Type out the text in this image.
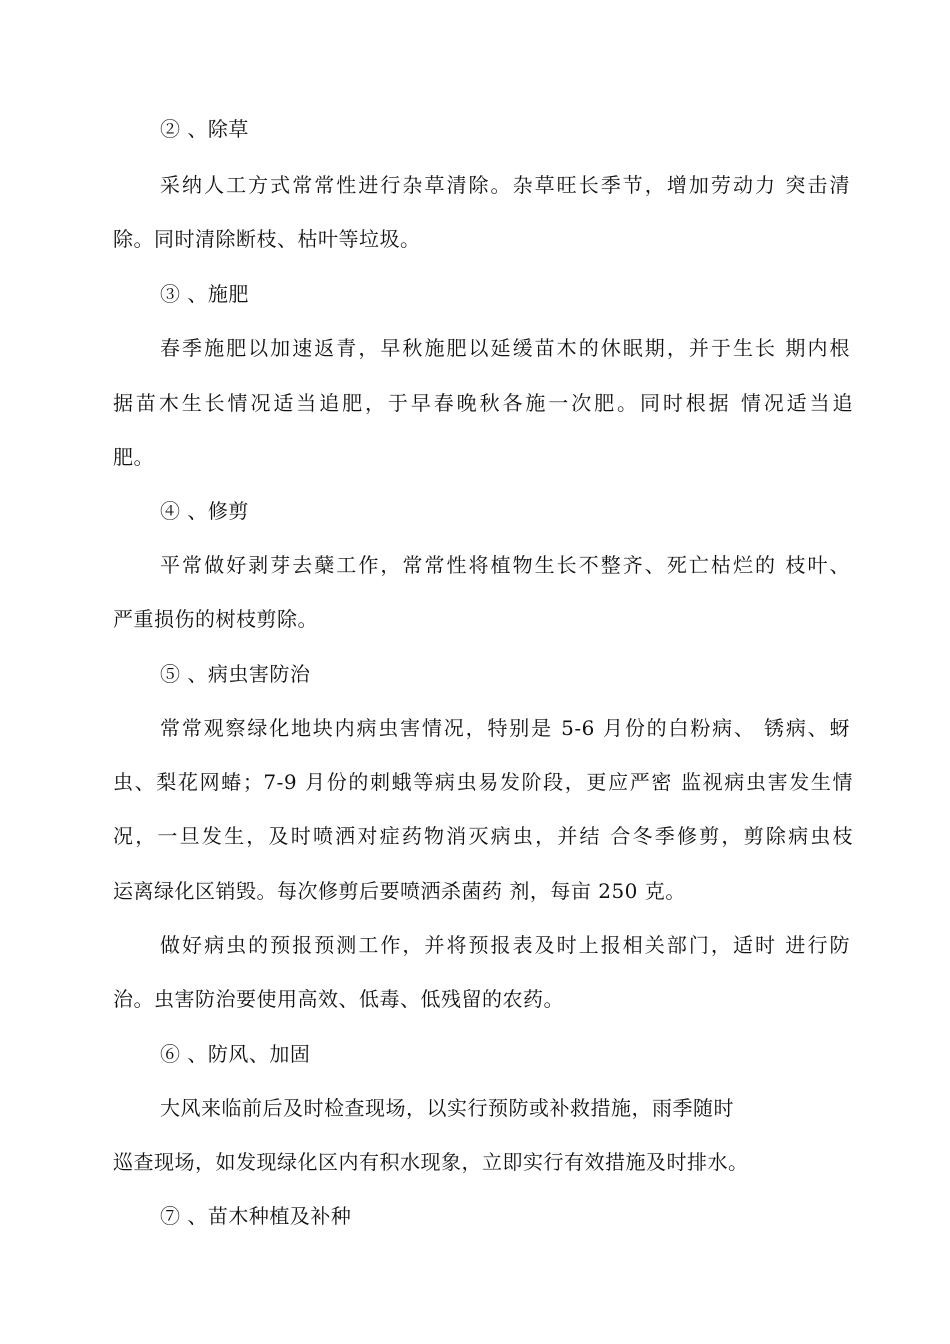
② 、除草
采纳人工方式常常性进行杂草清除。杂草旺长季节，增加劳动力 突击清
除。同时清除断枝、枯叶等垃圾。
③ 、施肥
春季施肥以加速返青，早秋施肥以延缓苗木的休眠期，并于生长 期内根
据苗木生长情况适当追肥，于早春晚秋各施一次肥。同时根据 情况适当追
肥。
④ 、修剪
平常做好剥芽去蘖工作，常常性将植物生长不整齐、死亡枯烂的 枝叶、
严重损伤的树枝剪除。
⑤ 、病虫害防治
常常观察绿化地块内病虫害情况，特别是 5-6 月份的白粉病、 锈病、蚜
虫、梨花网蝽；7-9 月份的刺蛾等病虫易发阶段，更应严密 监视病虫害发生情
况，一旦发生，及时喷洒对症药物消灭病虫，并结 合冬季修剪，剪除病虫枝
运离绿化区销毁。每次修剪后要喷洒杀菌药 剂，每亩 250 克。
做好病虫的预报预测工作，并将预报表及时上报相关部门，适时 进行防
治。虫害防治要使用高效、低毒、低残留的农药。
⑥ 、防风、加固
大风来临前后及时检查现场，以实行预防或补救措施，雨季随时
巡查现场，如发现绿化区内有积水现象，立即实行有效措施及时排水。
⑦ 、苗木种植及补种
